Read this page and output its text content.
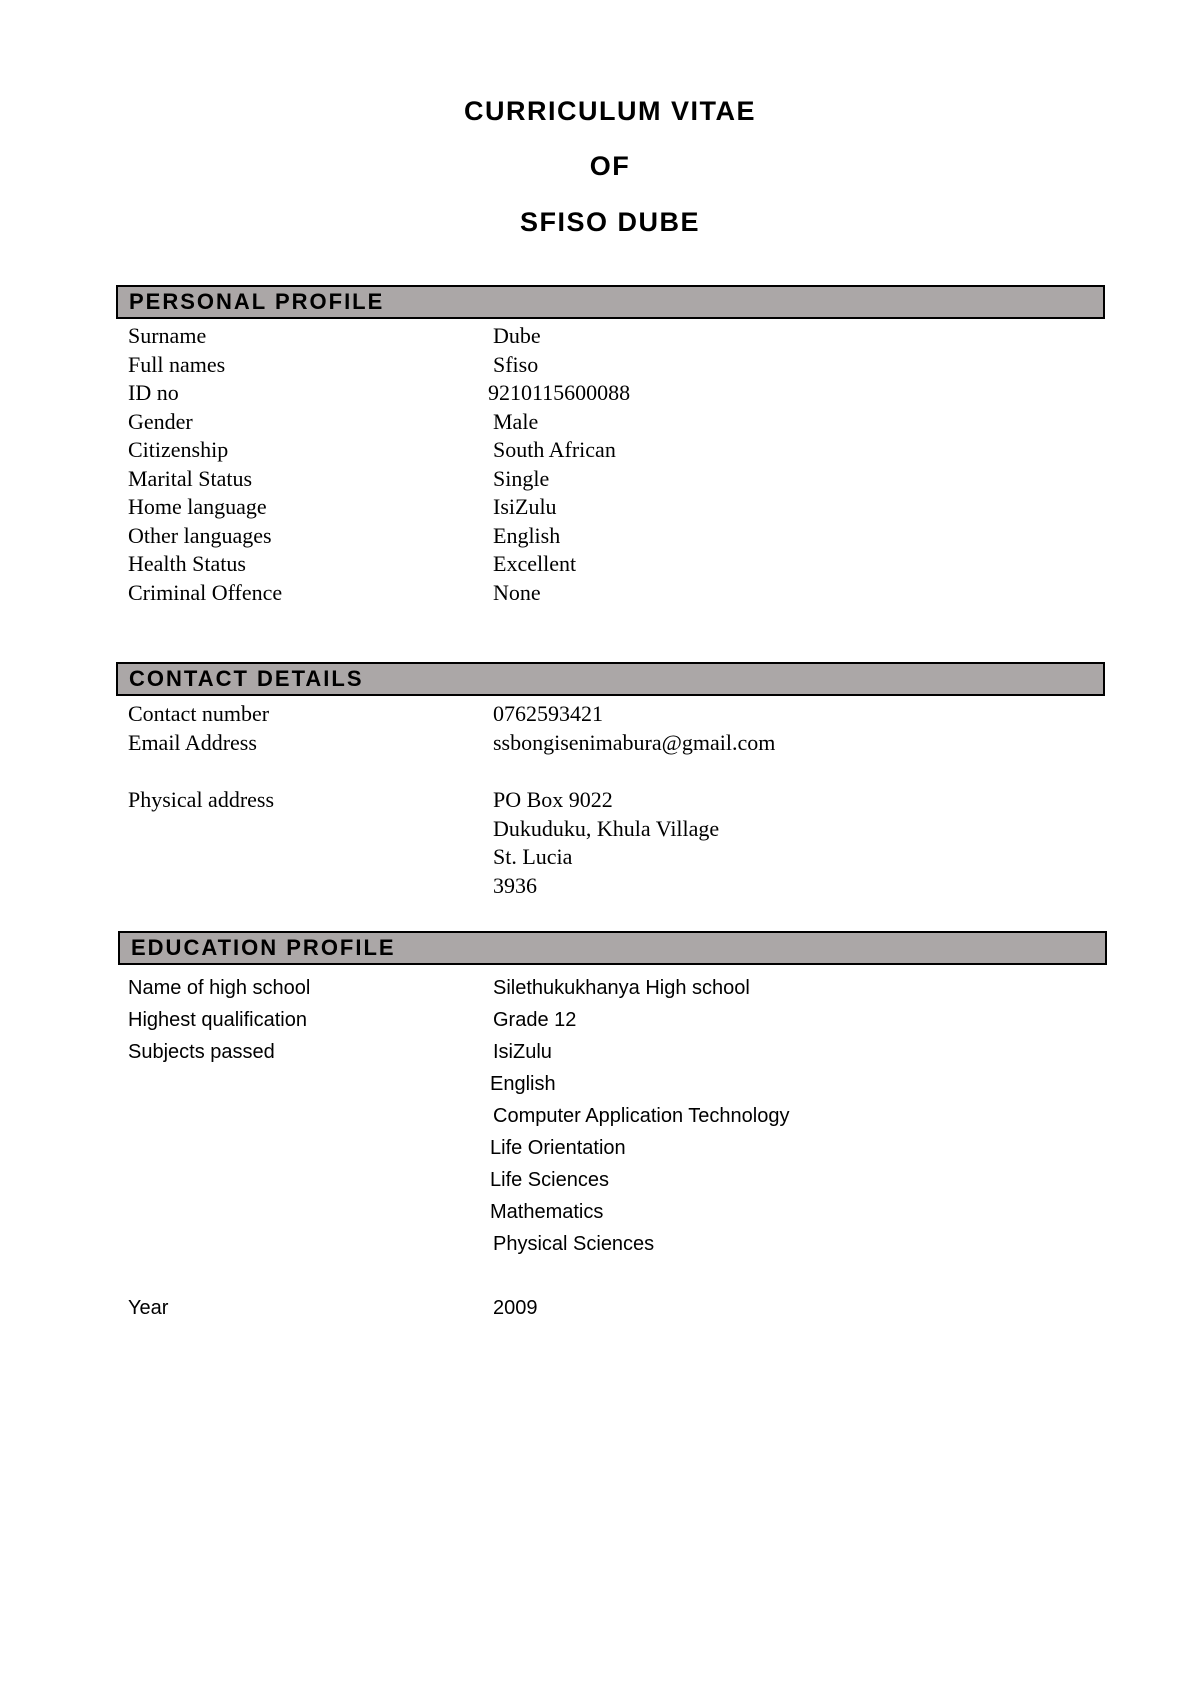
CURRICULUM VITAE
OF
SFISO DUBE
PERSONAL PROFILE
Surname	Dube
Full names	Sfiso
ID no	9210115600088
Gender	Male
Citizenship	South African
Marital Status	Single
Home language	IsiZulu
Other languages	English
Health Status	Excellent
Criminal Offence	None
CONTACT DETAILS
Contact number	0762593421
Email Address	ssbongisenimabura@gmail.com
Physical address	PO Box 9022
Dukuduku, Khula Village
St. Lucia
3936
EDUCATION PROFILE
Name of high school	Silethukukhanya High school
Highest qualification	Grade 12
Subjects passed	IsiZulu
English
Computer Application Technology
Life Orientation
Life Sciences
Mathematics
Physical Sciences
Year	2009
